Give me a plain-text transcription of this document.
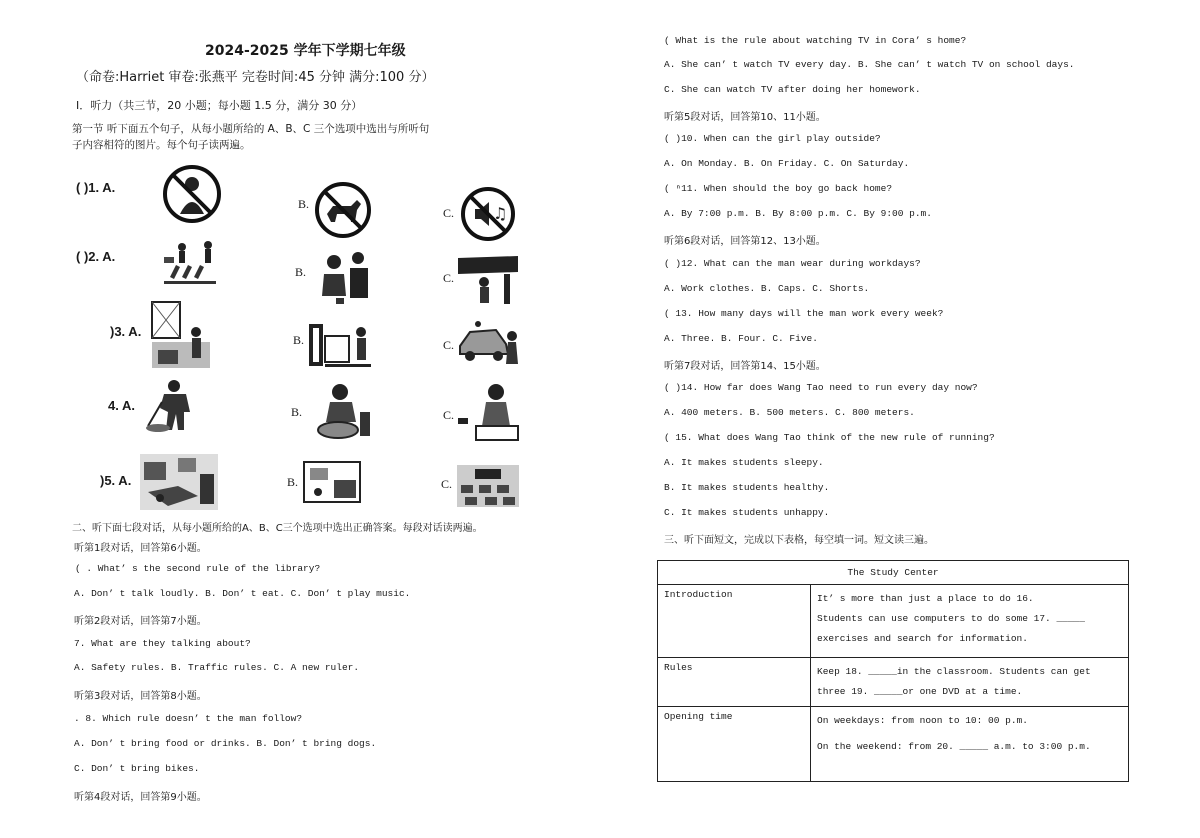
2024-2025 学年下学期七年级
（命卷:Harriet 审卷:张燕平 完卷时间:45 分钟 满分:100 分）
I．听力（共三节，20 小题；每小题 1.5 分，满分 30 分）
第一节 听下面五个句子，从每小题所给的 A、B、C 三个选项中选出与所听句
子内容相符的图片。每个句子读两遍。
( )1. A.
B.
C. ♫
( )2. A.
B.	C.
)3. A.
B.	C.
4. A.	B.	C.
)5. A.	B.	C.
二、听下面七段对话，从每小题所给的A、B、C三个选项中选出正确答案。每段对话读两遍。
听第1段对话，回答第6小题。
( . What’ s the second rule of the library?
A. Don’ t talk loudly. B. Don’ t eat. C. Don’ t play music.
听第2段对话，回答第7小题。
7. What are they talking about?
A. Safety rules. B. Traffic rules. C. A new ruler.
听第3段对话，回答第8小题。
. 8. Which rule doesn’ t the man follow?
A. Don’ t bring food or drinks. B. Don’ t bring dogs.
C. Don’ t bring bikes.
听第4段对话，回答第9小题。
( What is the rule about watching TV in Cora’ s home?
A. She can’ t watch TV every day. B. She can’ t watch TV on school days.
C. She can watch TV after doing her homework.
听第5段对话，回答第10、11小题。
( )10. When can the girl play outside?
A. On Monday. B. On Friday. C. On Saturday.
( ⁿ11. When should the boy go back home?
A. By 7:00 p.m. B. By 8:00 p.m. C. By 9:00 p.m.
听第6段对话，回答第12、13小题。
( )12. What can the man wear during workdays?
A. Work clothes. B. Caps. C. Shorts.
( 13. How many days will the man work every week?
A. Three. B. Four. C. Five.
听第7段对话，回答第14、15小题。
( )14. How far does Wang Tao need to run every day now?
A. 400 meters. B. 500 meters. C. 800 meters.
( 15. What does Wang Tao think of the new rule of running?
A. It makes students sleepy.
B. It makes students healthy.
C. It makes students unhappy.
三、听下面短文，完成以下表格，每空填一词。短文读三遍。
The Study Center	
Introduction	It’ s more than just a place to do 16.
Students can use computers to do some 17. _____
exercises and search for information.

Rules	Keep 18. _____in the classroom. Students can get
three 19. _____or one DVD at a time.

Opening time	On weekdays: from noon to 10: 00 p.m.
On the weekend: from 20. _____ a.m. to 3:00 p.m.
